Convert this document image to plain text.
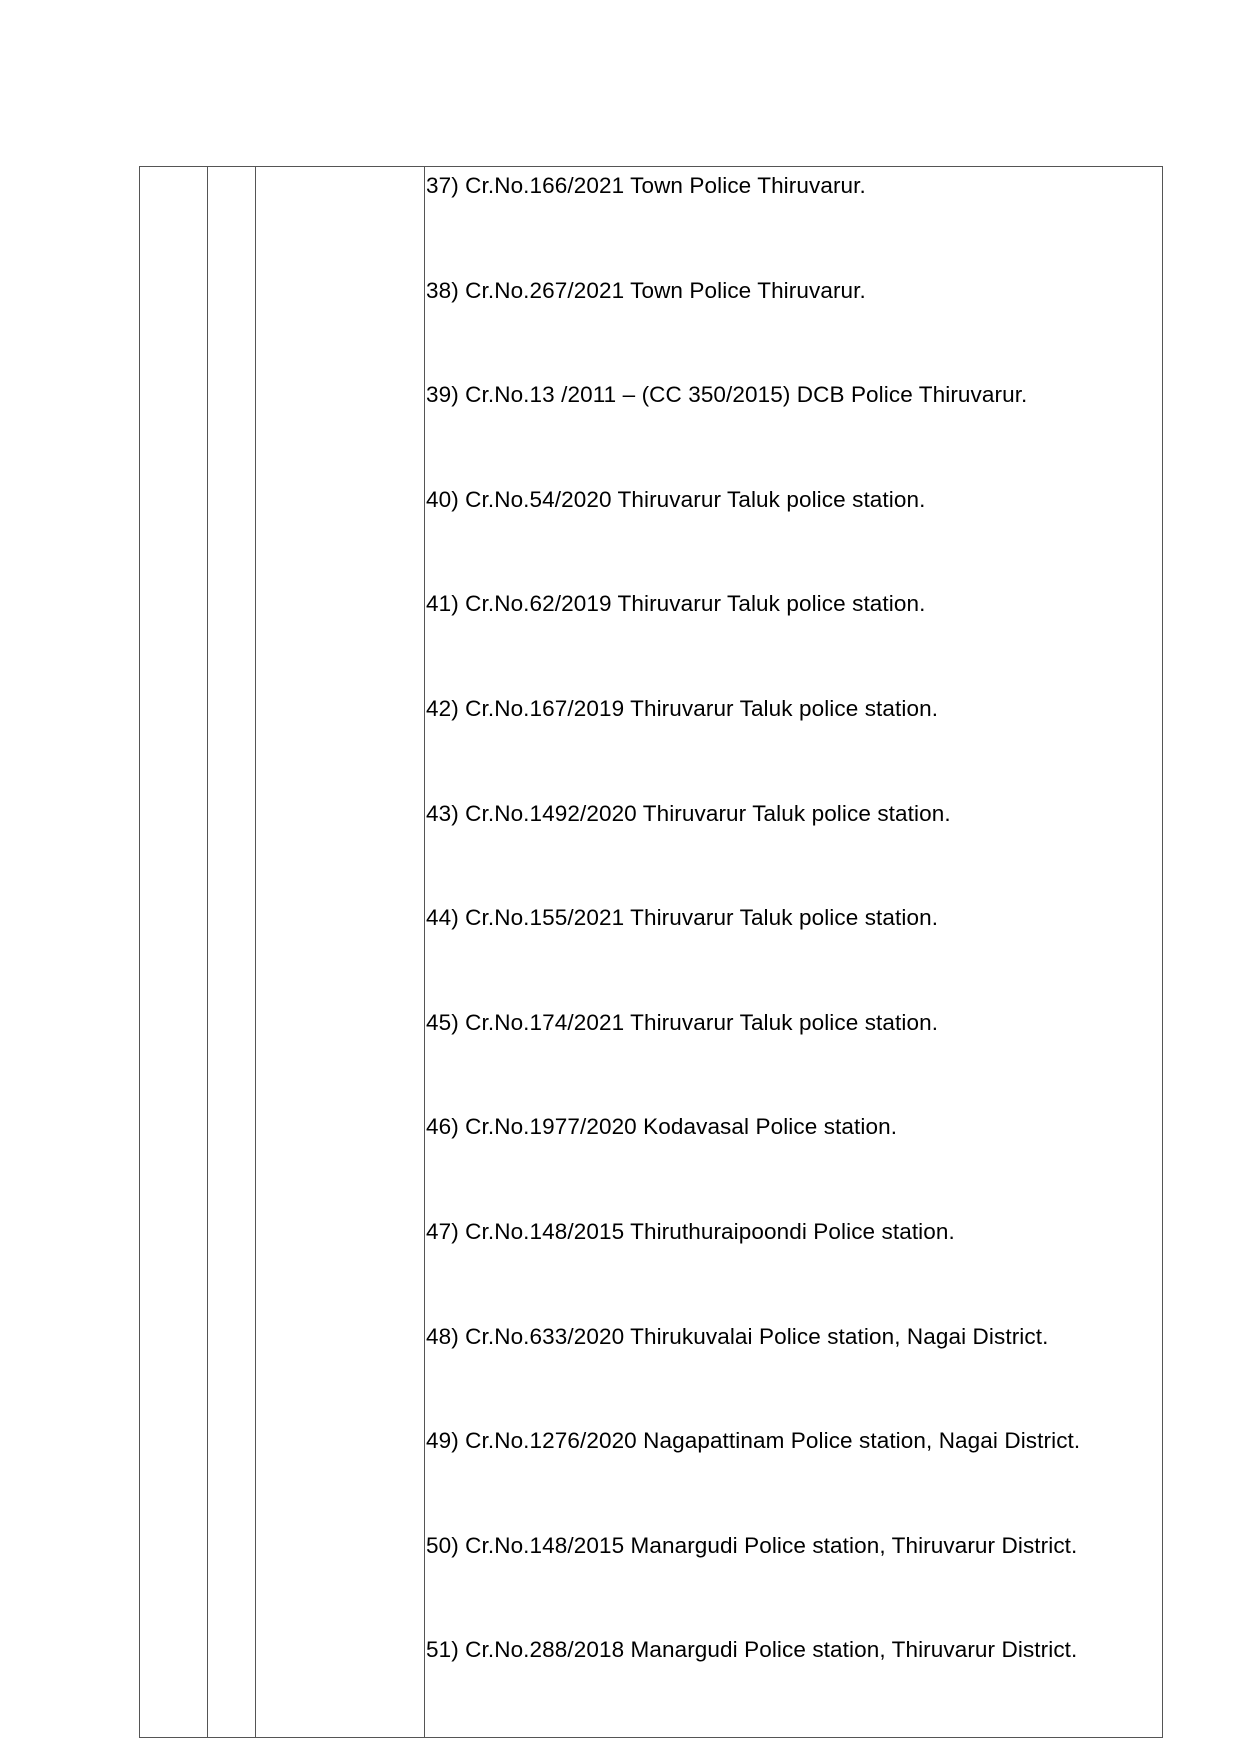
37) Cr.No.166/2021 Town Police Thiruvarur.
38) Cr.No.267/2021 Town Police Thiruvarur.
39) Cr.No.13 /2011 – (CC 350/2015) DCB Police Thiruvarur.
40) Cr.No.54/2020 Thiruvarur Taluk police station.
41) Cr.No.62/2019 Thiruvarur Taluk police station.
42) Cr.No.167/2019 Thiruvarur Taluk police station.
43) Cr.No.1492/2020 Thiruvarur Taluk police station.
44) Cr.No.155/2021 Thiruvarur Taluk police station.
45) Cr.No.174/2021 Thiruvarur Taluk police station.
46) Cr.No.1977/2020 Kodavasal Police station.
47) Cr.No.148/2015 Thiruthuraipoondi Police station.
48) Cr.No.633/2020 Thirukuvalai Police station, Nagai District.
49) Cr.No.1276/2020 Nagapattinam Police station, Nagai District.
50) Cr.No.148/2015 Manargudi Police station, Thiruvarur District.
51) Cr.No.288/2018 Manargudi Police station, Thiruvarur District.
